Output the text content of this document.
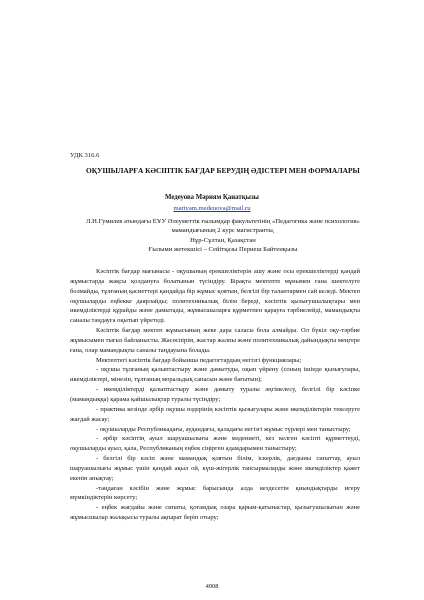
УДК 316.6
ОҚУШЫЛАРҒА КӘСІПТІК БАҒДАР БЕРУДІҢ ӘДІСТЕРІ МЕН ФОРМАЛАРЫ
Медеуова Мәриям Қанатқызы
mariyam.medeuova@mail.ru
Л.Н.Гумилев атындағы ЕҰУ Әлеуметтік ғылымдар факультетінің «Педагогика және психология» мамандығының 2 курс магистранты,
Нұр-Сұлтан, Қазақстан
Ғылыми жетекшісі – Сейітқазы Пернеш Байтенқызы

Кәсіптік бағдар мағынасы - оқушының ерекшеліктерін ашу және осы ерекшеліктерді қандай жұмыстарда жақсы қолдануға болатынын түсіндіру. Бірақта мектепте мұнымен ғана шектелуге болмайды, тұлғаның қасиеттері қандайда бір жұмыс қоятын, белгілі бір талантармен сай келеді. Мектеп оқушыларды еңбекке даярлайды; политехникалық білім береді, кәсіптік қызығушылықтары мен икемділіктерді құрайды және дамытады, жұмысшыларға құрметпен қарауға тәрбиелейді, мамандықты саналы таңдауға оқытып үйретеді.

Кәсіптік бағдар мектеп жұмысының жеке дара саласы бола алмайды. Ол бүкіл оқу-тәрбие жұмысымен тығыз байланысты. Жасөспірім, жастар жалпы және политехникалық дайындықты меңгере ғана, олар мамандықты саналы таңдауына болады.

Мектептегі кәсіптік бағдар бойынша педагогтардың негізгі функциялары;

- оқушы тұлғаның қалыптастыру және дамытуды, оқып үйрену (соның ішінде қызығулары, икемділіктері, мінезін, тұлғаның моральдық сапасын және бағытын);

- икемділіктерді қалыптастыру және дамыту туралы әңгімелесу, белгілі бір кәсіпке (мамандыққа) қарама қайшылықтар туралы түсіндіру;

- практика кезінде әрбір оқушы өздерінің кәсіптік қызығулары және икемділіктерін тексеруге жағдай жасау;

- оқушыларды Республикадағы, аудандағы, қаладағы негізгі жұмыс түрлері мен таныстыру;

- әрбір кәсіптің ауыл шаруашылығы және мәдениеті, кез келген кәсіпті құрметтеуді, оқушыларды ауыл, қала, Республиканың еңбек сіңірген адамдарымен таныстыру;

- белгілі бір кәсіп және мамандық қоятын білім, іскерлік, дағдыны сипаттау, ауыл шаруашылығы жұмыс үшін қандай ақыл ой, күш-жігерлік тапсырмаларды және икемділіктер қажет екенін анықтау;

-таңдаған кәсібін және жұмыс барысында алда кездесетін қиындықтарды игеру мүмкіндіктерін көрсету;

- еңбек жағдайы және сипаты, қоғамдық озара қарым-қатынастар, қызығушылығын және жұмысшылар жалақысы туралы ақпарат беріп отыру;

4908
